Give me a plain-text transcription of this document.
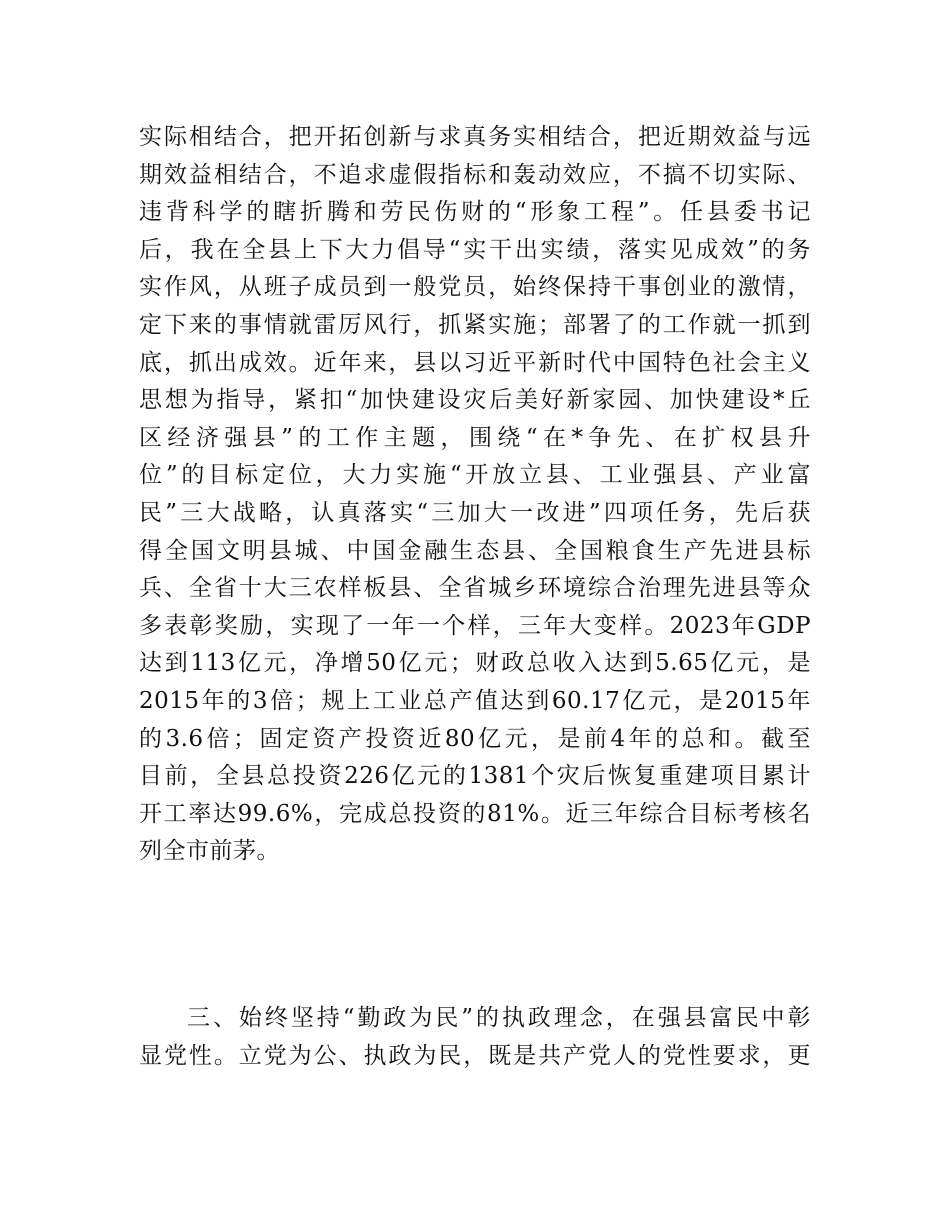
实际相结合，把开拓创新与求真务实相结合，把近期效益与远
期效益相结合，不追求虚假指标和轰动效应，不搞不切实际、
违背科学的瞎折腾和劳民伤财的“形象工程”。任县委书记
后，我在全县上下大力倡导“实干出实绩，落实见成效”的务
实作风，从班子成员到一般党员，始终保持干事创业的激情，
定下来的事情就雷厉风行，抓紧实施；部署了的工作就一抓到
底，抓出成效。近年来，县以习近平新时代中国特色社会主义
思想为指导，紧扣“加快建设灾后美好新家园、加快建设*丘
区经济强县”的工作主题，围绕“在*争先、在扩权县升
位”的目标定位，大力实施“开放立县、工业强县、产业富
民”三大战略，认真落实“三加大一改进”四项任务，先后获
得全国文明县城、中国金融生态县、全国粮食生产先进县标
兵、全省十大三农样板县、全省城乡环境综合治理先进县等众
多表彰奖励，实现了一年一个样，三年大变样。2023年GDP
达到113亿元，净增50亿元；财政总收入达到5.65亿元，是
2015年的3倍；规上工业总产值达到60.17亿元，是2015年
的3.6倍；固定资产投资近80亿元，是前4年的总和。截至
目前，全县总投资226亿元的1381个灾后恢复重建项目累计
开工率达99.6%，完成总投资的81%。近三年综合目标考核名
列全市前茅。
三、始终坚持“勤政为民”的执政理念，在强县富民中彰
显党性。立党为公、执政为民，既是共产党人的党性要求，更
